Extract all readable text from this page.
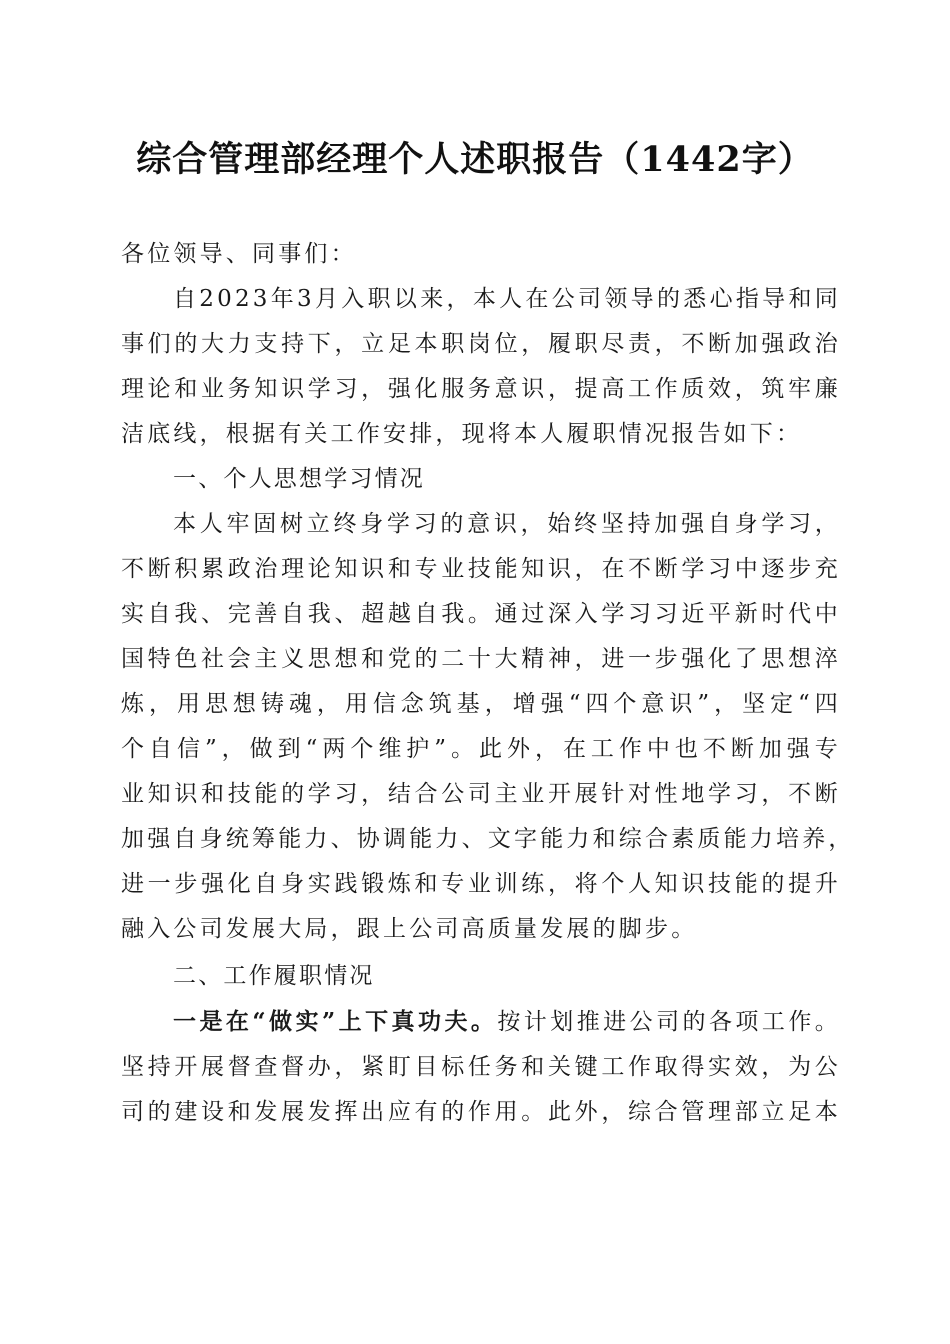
综合管理部经理个人述职报告（1442字）

各位领导、同事们：

自2023年3月入职以来，本人在公司领导的悉心指导和同
事们的大力支持下，立足本职岗位，履职尽责，不断加强政治
理论和业务知识学习，强化服务意识，提高工作质效，筑牢廉
洁底线，根据有关工作安排，现将本人履职情况报告如下：

一、个人思想学习情况

本人牢固树立终身学习的意识，始终坚持加强自身学习，
不断积累政治理论知识和专业技能知识，在不断学习中逐步充
实自我、完善自我、超越自我。通过深入学习习近平新时代中
国特色社会主义思想和党的二十大精神，进一步强化了思想淬
炼，用思想铸魂，用信念筑基，增强“四个意识”，坚定“四
个自信”，做到“两个维护”。此外，在工作中也不断加强专
业知识和技能的学习，结合公司主业开展针对性地学习，不断
加强自身统筹能力、协调能力、文字能力和综合素质能力培养，
进一步强化自身实践锻炼和专业训练，将个人知识技能的提升
融入公司发展大局，跟上公司高质量发展的脚步。

二、工作履职情况

一是在“做实”上下真功夫。按计划推进公司的各项工作。
坚持开展督查督办，紧盯目标任务和关键工作取得实效，为公
司的建设和发展发挥出应有的作用。此外，综合管理部立足本
